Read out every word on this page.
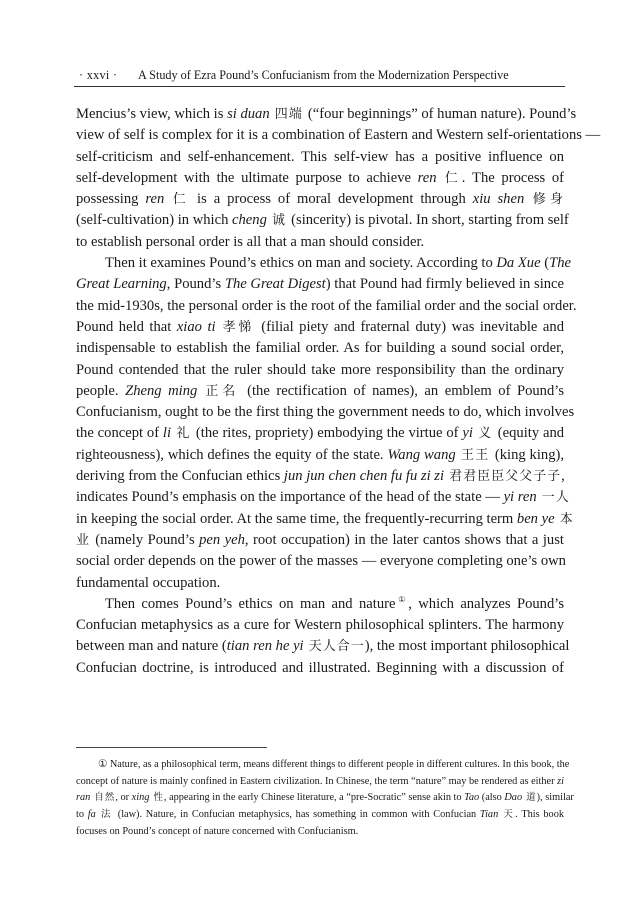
· xxvi · A Study of Ezra Pound’s Confucianism from the Modernization Perspective
Mencius’s view, which is si duan 四端 (“four beginnings” of human nature). Pound’s
view of self is complex for it is a combination of Eastern and Western self-orientations —
self-criticism and self-enhancement. This self-view has a positive influence on
self-development with the ultimate purpose to achieve ren 仁. The process of
possessing ren 仁 is a process of moral development through xiu shen 修身
(self-cultivation) in which cheng 诚 (sincerity) is pivotal. In short, starting from self
to establish personal order is all that a man should consider.
Then it examines Pound’s ethics on man and society. According to Da Xue (The
Great Learning, Pound’s The Great Digest) that Pound had firmly believed in since
the mid-1930s, the personal order is the root of the familial order and the social order.
Pound held that xiao ti 孝悌 (filial piety and fraternal duty) was inevitable and
indispensable to establish the familial order. As for building a sound social order,
Pound contended that the ruler should take more responsibility than the ordinary
people. Zheng ming 正名 (the rectification of names), an emblem of Pound’s
Confucianism, ought to be the first thing the government needs to do, which involves
the concept of li 礼 (the rites, propriety) embodying the virtue of yi 义 (equity and
righteousness), which defines the equity of the state. Wang wang 王王 (king king),
deriving from the Confucian ethics jun jun chen chen fu fu zi zi 君君臣臣父父子子,
indicates Pound’s emphasis on the importance of the head of the state — yi ren 一人
in keeping the social order. At the same time, the frequently-recurring term ben ye 本
业 (namely Pound’s pen yeh, root occupation) in the later cantos shows that a just
social order depends on the power of the masses — everyone completing one’s own
fundamental occupation.
Then comes Pound’s ethics on man and nature①, which analyzes Pound’s
Confucian metaphysics as a cure for Western philosophical splinters. The harmony
between man and nature (tian ren he yi 天人合一), the most important philosophical
Confucian doctrine, is introduced and illustrated. Beginning with a discussion of
① Nature, as a philosophical term, means different things to different people in different cultures. In this book, the
concept of nature is mainly confined in Eastern civilization. In Chinese, the term “nature” may be rendered as either zi
ran 自然, or xing 性, appearing in the early Chinese literature, a “pre-Socratic” sense akin to Tao (also Dao 道), similar
to fa 法 (law). Nature, in Confucian metaphysics, has something in common with Confucian Tian 天. This book
focuses on Pound’s concept of nature concerned with Confucianism.
